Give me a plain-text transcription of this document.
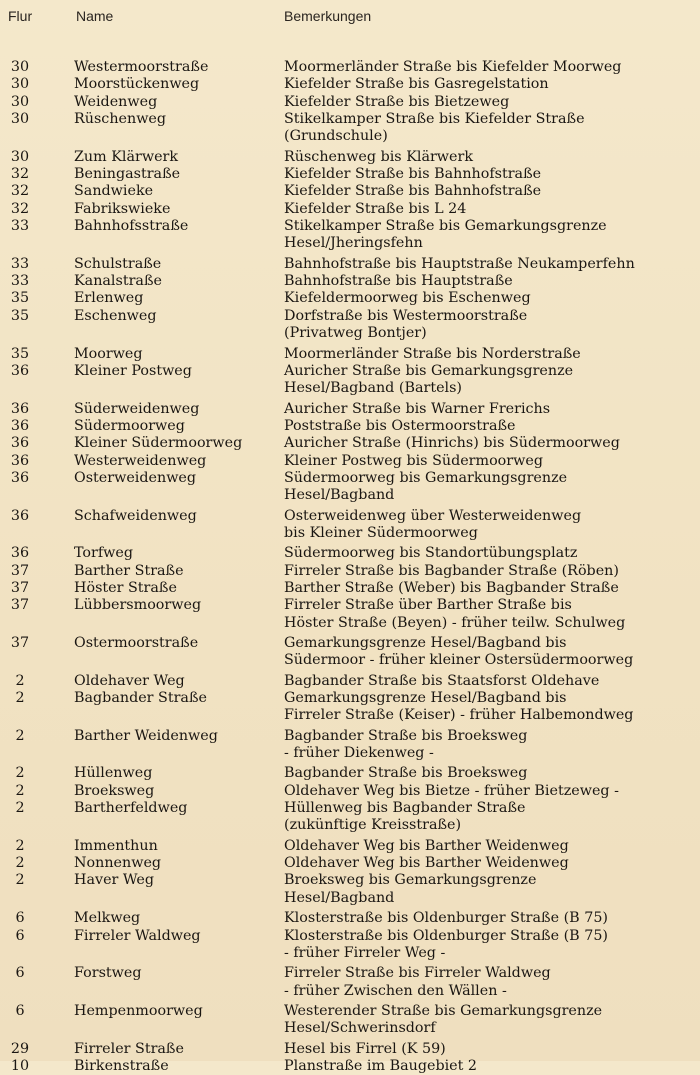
Flur	Name	Bemerkungen
30	Westermoorstraße	Moormerländer Straße bis Kiefelder Moorweg
30	Moorstückenweg	Kiefelder Straße bis Gasregelstation
30	Weidenweg	Kiefelder Straße bis Bietzeweg
30	Rüschenweg	Stikelkamper Straße bis Kiefelder Straße
(Grundschule)
30	Zum Klärwerk	Rüschenweg bis Klärwerk
32	Beningastraße	Kiefelder Straße bis Bahnhofstraße
32	Sandwieke	Kiefelder Straße bis Bahnhofstraße
32	Fabrikswieke	Kiefelder Straße bis L 24
33	Bahnhofsstraße	Stikelkamper Straße bis Gemarkungsgrenze
Hesel/Jheringsfehn
33	Schulstraße	Bahnhofstraße bis Hauptstraße Neukamperfehn
33	Kanalstraße	Bahnhofstraße bis Hauptstraße
35	Erlenweg	Kiefeldermoorweg bis Eschenweg
35	Eschenweg	Dorfstraße bis Westermoorstraße
(Privatweg Bontjer)
35	Moorweg	Moormerländer Straße bis Norderstraße
36	Kleiner Postweg	Auricher Straße bis Gemarkungsgrenze
Hesel/Bagband (Bartels)
36	Süderweidenweg	Auricher Straße bis Warner Frerichs
36	Südermoorweg	Poststraße bis Ostermoorstraße
36	Kleiner Südermoorweg	Auricher Straße (Hinrichs) bis Südermoorweg
36	Westerweidenweg	Kleiner Postweg bis Südermoorweg
36	Osterweidenweg	Südermoorweg bis Gemarkungsgrenze
Hesel/Bagband
36	Schafweidenweg	Osterweidenweg über Westerweidenweg
bis Kleiner Südermoorweg
36	Torfweg	Südermoorweg bis Standortübungsplatz
37	Barther Straße	Firreler Straße bis Bagbander Straße (Röben)
37	Höster Straße	Barther Straße (Weber) bis Bagbander Straße
37	Lübbersmoorweg	Firreler Straße über Barther Straße bis
Höster Straße (Beyen) - früher teilw. Schulweg
37	Ostermoorstraße	Gemarkungsgrenze Hesel/Bagband bis
Südermoor - früher kleiner Ostersüdermoorweg
2	Oldehaver Weg	Bagbander Straße bis Staatsforst Oldehave
2	Bagbander Straße	Gemarkungsgrenze Hesel/Bagband bis
Firreler Straße (Keiser) - früher Halbemondweg
2	Barther Weidenweg	Bagbander Straße bis Broeksweg
- früher Diekenweg -
2	Hüllenweg	Bagbander Straße bis Broeksweg
2	Broeksweg	Oldehaver Weg bis Bietze - früher Bietzeweg -
2	Bartherfeldweg	Hüllenweg bis Bagbander Straße
(zukünftige Kreisstraße)
2	Immenthun	Oldehaver Weg bis Barther Weidenweg
2	Nonnenweg	Oldehaver Weg bis Barther Weidenweg
2	Haver Weg	Broeksweg bis Gemarkungsgrenze
Hesel/Bagband
6	Melkweg	Klosterstraße bis Oldenburger Straße (B 75)
6	Firreler Waldweg	Klosterstraße bis Oldenburger Straße (B 75)
- früher Firreler Weg -
6	Forstweg	Firreler Straße bis Firreler Waldweg
- früher Zwischen den Wällen -
6	Hempenmoorweg	Westerender Straße bis Gemarkungsgrenze
Hesel/Schwerinsdorf
29	Firreler Straße	Hesel bis Firrel (K 59)
10	Birkenstraße	Planstraße im Baugebiet 2
